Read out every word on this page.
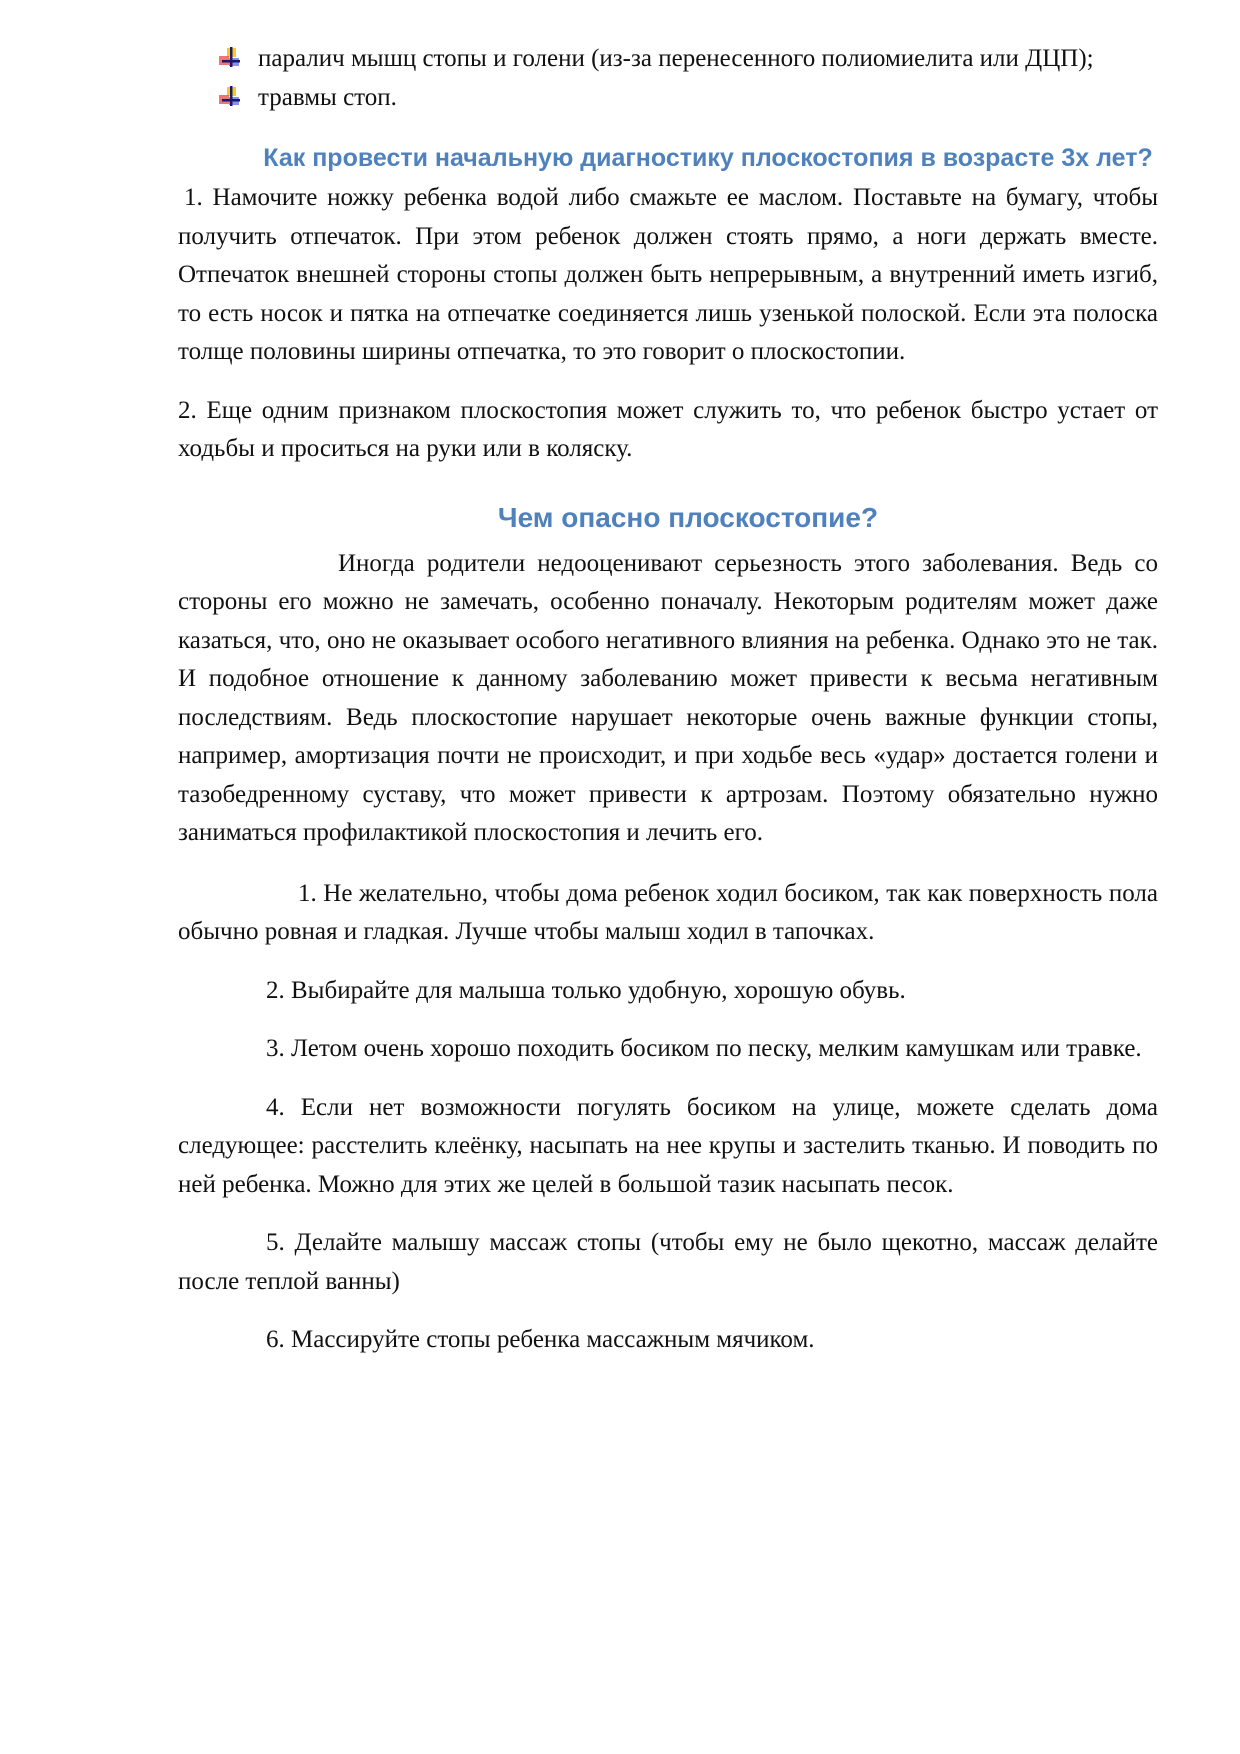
паралич мышц стопы и голени (из-за перенесенного полиомиелита или ДЦП);
травмы стоп.
Как провести начальную диагностику плоскостопия в возрасте 3х лет?

1. Намочите ножку ребенка водой либо смажьте ее маслом. Поставьте на бумагу, чтобы получить отпечаток. При этом ребенок должен стоять прямо, а ноги держать вместе. Отпечаток внешней стороны стопы должен быть непрерывным, а внутренний иметь изгиб, то есть носок и пятка на отпечатке соединяется лишь узенькой полоской. Если эта полоска толще половины ширины отпечатка, то это говорит о плоскостопии.

2. Еще одним признаком плоскостопия может служить то, что ребенок быстро устает от ходьбы и проситься на руки или в коляску.

Чем опасно плоскостопие?

Иногда родители недооценивают серьезность этого заболевания. Ведь со стороны его можно не замечать, особенно поначалу. Некоторым родителям может даже казаться, что, оно не оказывает особого негативного влияния на ребенка. Однако это не так. И подобное отношение к данному заболеванию может привести к весьма негативным последствиям. Ведь плоскостопие нарушает некоторые очень важные функции стопы, например, амортизация почти не происходит, и при ходьбе весь «удар» достается голени и тазобедренному суставу, что может привести к артрозам. Поэтому обязательно нужно заниматься профилактикой плоскостопия и лечить его.

1. Не желательно, чтобы дома ребенок ходил босиком, так как поверхность пола обычно ровная и гладкая. Лучше чтобы малыш ходил в тапочках.

2. Выбирайте для малыша только удобную, хорошую обувь.

3. Летом очень хорошо походить босиком по песку, мелким камушкам или травке.

4. Если нет возможности погулять босиком на улице, можете сделать дома следующее: расстелить клеёнку, насыпать на нее крупы и застелить тканью. И поводить по ней ребенка. Можно для этих же целей в большой тазик насыпать песок.

5. Делайте малышу массаж стопы (чтобы ему не было щекотно, массаж делайте после теплой ванны)

6. Массируйте стопы ребенка массажным мячиком.
